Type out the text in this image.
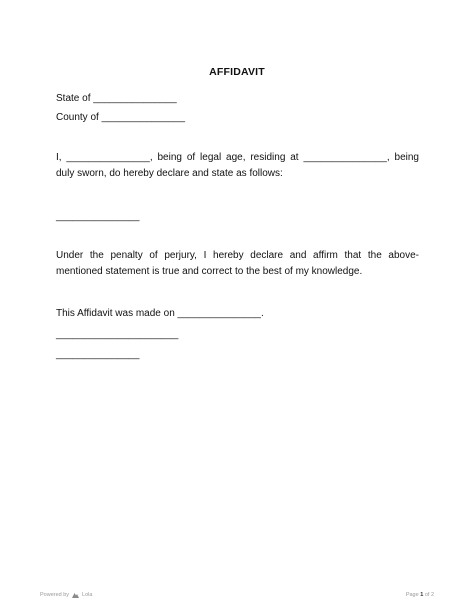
AFFIDAVIT
State of _______________
County of _______________
I, _______________, being of legal age, residing at _______________, being duly sworn, do hereby declare and state as follows:
_______________
Under the penalty of perjury, I hereby declare and affirm that the above-mentioned statement is true and correct to the best of my knowledge.
This Affidavit was made on _______________.
______________________
_______________
Powered by Lola	Page 1 of 2
